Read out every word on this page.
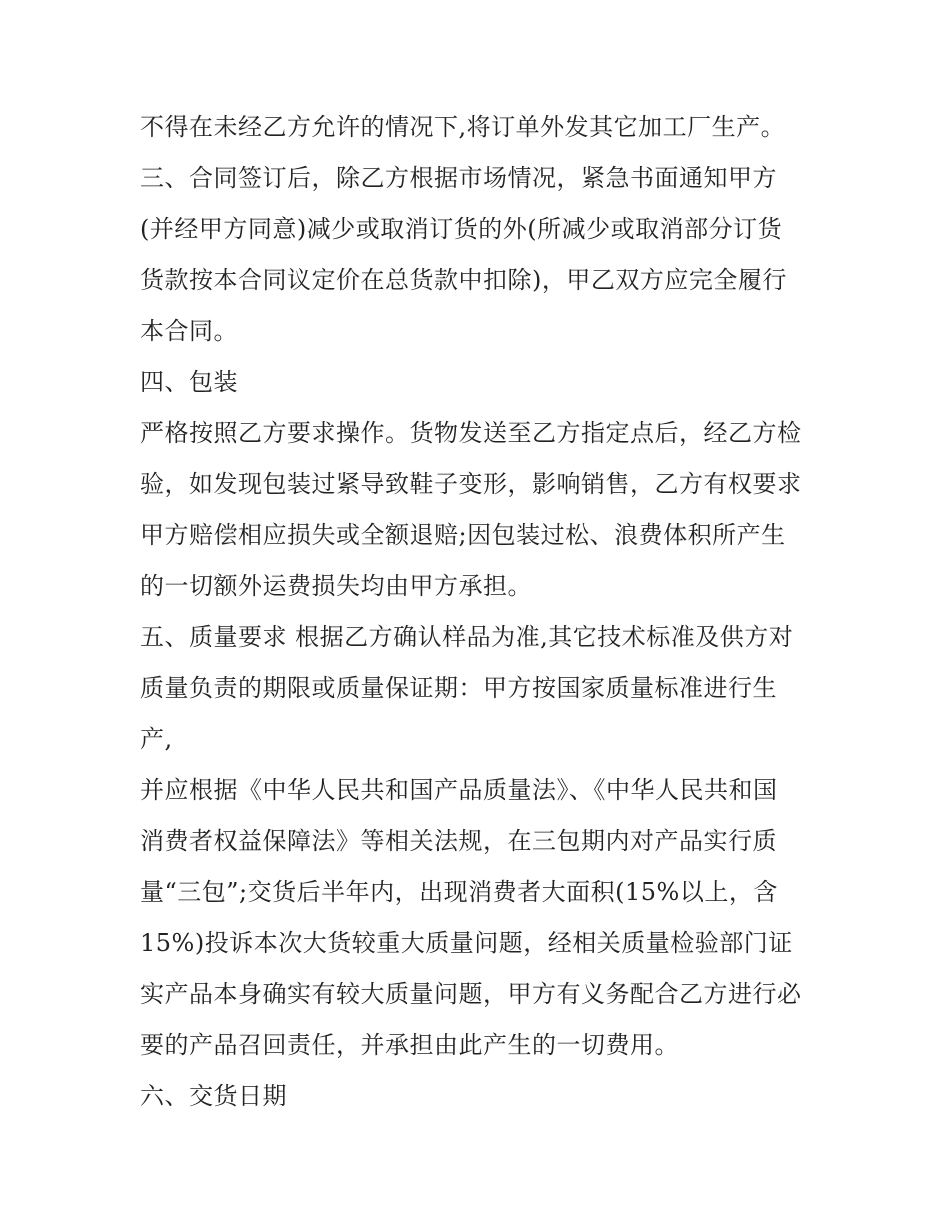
不得在未经乙方允许的情况下,将订单外发其它加工厂生产。
三、合同签订后，除乙方根据市场情况，紧急书面通知甲方
(并经甲方同意)减少或取消订货的外(所减少或取消部分订货
货款按本合同议定价在总货款中扣除)，甲乙双方应完全履行
本合同。
四、包装
严格按照乙方要求操作。货物发送至乙方指定点后，经乙方检
验，如发现包装过紧导致鞋子变形，影响销售，乙方有权要求
甲方赔偿相应损失或全额退赔;因包装过松、浪费体积所产生
的一切额外运费损失均由甲方承担。
五、质量要求 根据乙方确认样品为准,其它技术标准及供方对
质量负责的期限或质量保证期：甲方按国家质量标准进行生
产,
并应根据《中华人民共和国产品质量法》、《中华人民共和国
消费者权益保障法》等相关法规，在三包期内对产品实行质
量“三包”;交货后半年内，出现消费者大面积(15%以上，含
15%)投诉本次大货较重大质量问题，经相关质量检验部门证
实产品本身确实有较大质量问题，甲方有义务配合乙方进行必
要的产品召回责任，并承担由此产生的一切费用。
六、交货日期
